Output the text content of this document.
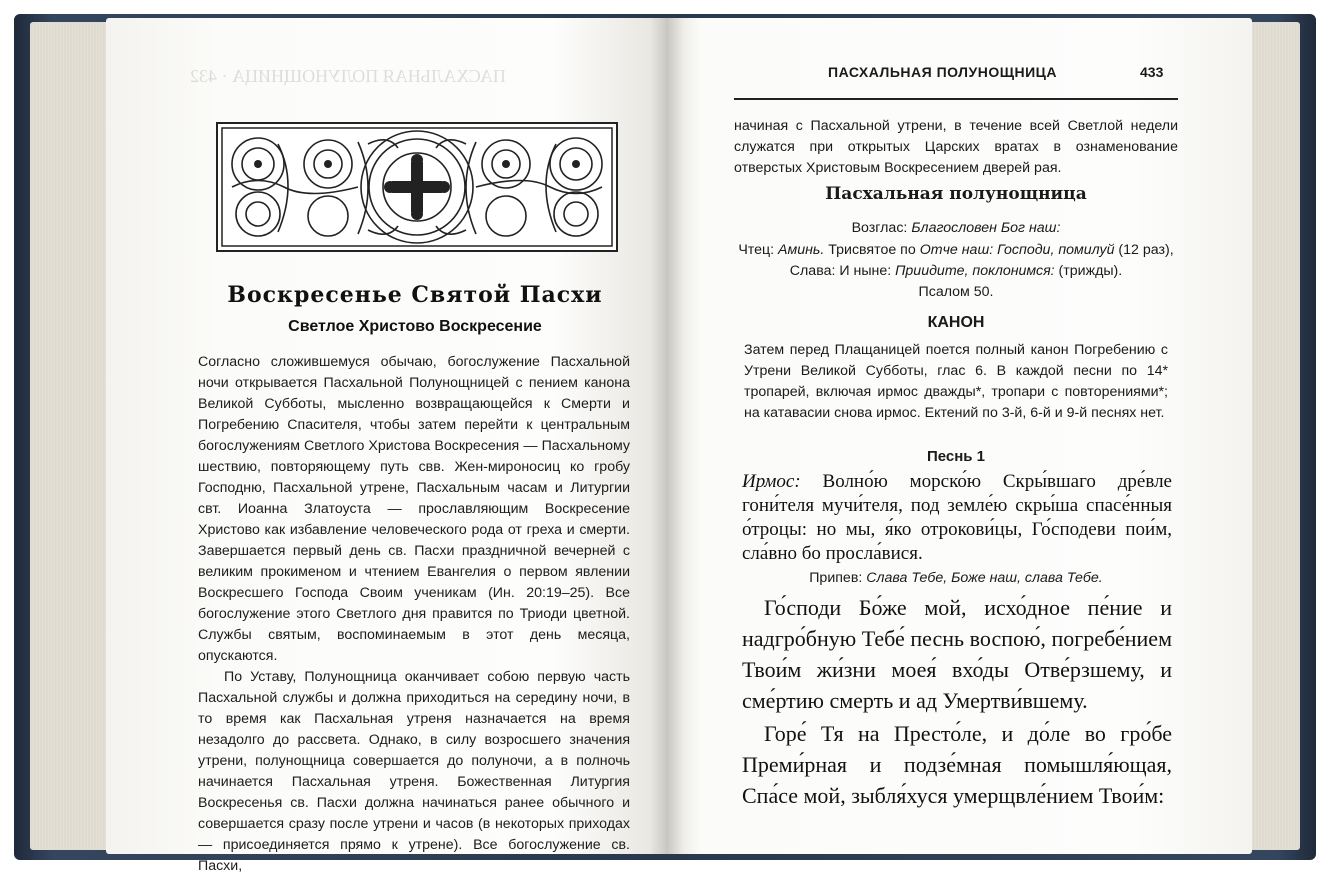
ПАСХАЛЬНАЯ ПОЛУНОЩНИЦА · 432
Воскресенье Святой Пасхи
Светлое Христово Воскресение

Согласно сложившемуся обычаю, богослужение Пасхальной ночи открывается Пасхальной Полунощницей с пением канона Великой Субботы, мысленно возвращающейся к Смерти и Погребению Спасителя, чтобы затем перейти к центральным богослужениям Светлого Христова Воскресения — Пасхальному шествию, повторяющему путь свв. Жен-мироносиц ко гробу Господню, Пасхальной утрене, Пасхальным часам и Литургии свт. Иоанна Златоуста — прославляющим Воскресение Христово как избавление человеческого рода от греха и смерти. Завершается первый день св. Пасхи праздничной вечерней с великим прокименом и чтением Евангелия о первом явлении Воскресшего Господа Своим ученикам (Ин. 20:19–25). Все богослужение этого Светлого дня правится по Триоди цветной. Службы святым, воспоминаемым в этот день месяца, опускаются.

По Уставу, Полунощница оканчивает собою первую часть Пасхальной службы и должна приходиться на середину ночи, в то время как Пасхальная утреня назначается на время незадолго до рассвета. Однако, в силу возросшего значения утрени, полунощница совершается до полуночи, а в полночь начинается Пасхальная утреня. Божественная Литургия Воскресенья св. Пасхи должна начинаться ранее обычного и совершается сразу после утрени и часов (в некоторых приходах — присоединяется прямо к утрене). Все богослужение св. Пасхи,

ПАСХАЛЬНАЯ ПОЛУНОЩНИЦА	433
начиная с Пасхальной утрени, в течение всей Светлой недели служатся при открытых Царских вратах в ознаменование отверстых Христовым Воскресением дверей рая.
Пасхальная полунощница
Возглас: Благословен Бог наш:
Чтец: Аминь. Трисвятое по Отче наш: Господи, помилуй (12 раз), Слава: И ныне: Приидите, поклонимся: (трижды).
Псалом 50.
КАНОН
Затем перед Плащаницей поется полный канон Погребению с Утрени Великой Субботы, глас 6. В каждой песни по 14* тропарей, включая ирмос дважды*, тропари с повторениями*; на катавасии снова ирмос. Ектений по 3-й, 6-й и 9-й песнях нет.
Песнь 1
Ирмос: Волно́ю морско́ю Скры́вшаго дре́вле гони́теля мучи́теля, под земле́ю скры́ша спасе́нныя о́троцы: но мы, я́ко отрокови́цы, Го́сподеви пои́м, сла́вно бо просла́вися.
Припев: Слава Тебе, Боже наш, слава Тебе.
Го́споди Бо́же мой, исхо́дное пе́ние и надгро́бную Тебе́ песнь воспою́, погребе́нием Твои́м жи́зни моея́ вхо́ды Отве́рзшему, и сме́ртию смерть и ад Умертви́вшему.
Горе́ Тя на Престо́ле, и до́ле во гро́бе Преми́рная и подзе́мная помышля́ющая, Спа́се мой, зыбля́хуся умерщвле́нием Твои́м:
